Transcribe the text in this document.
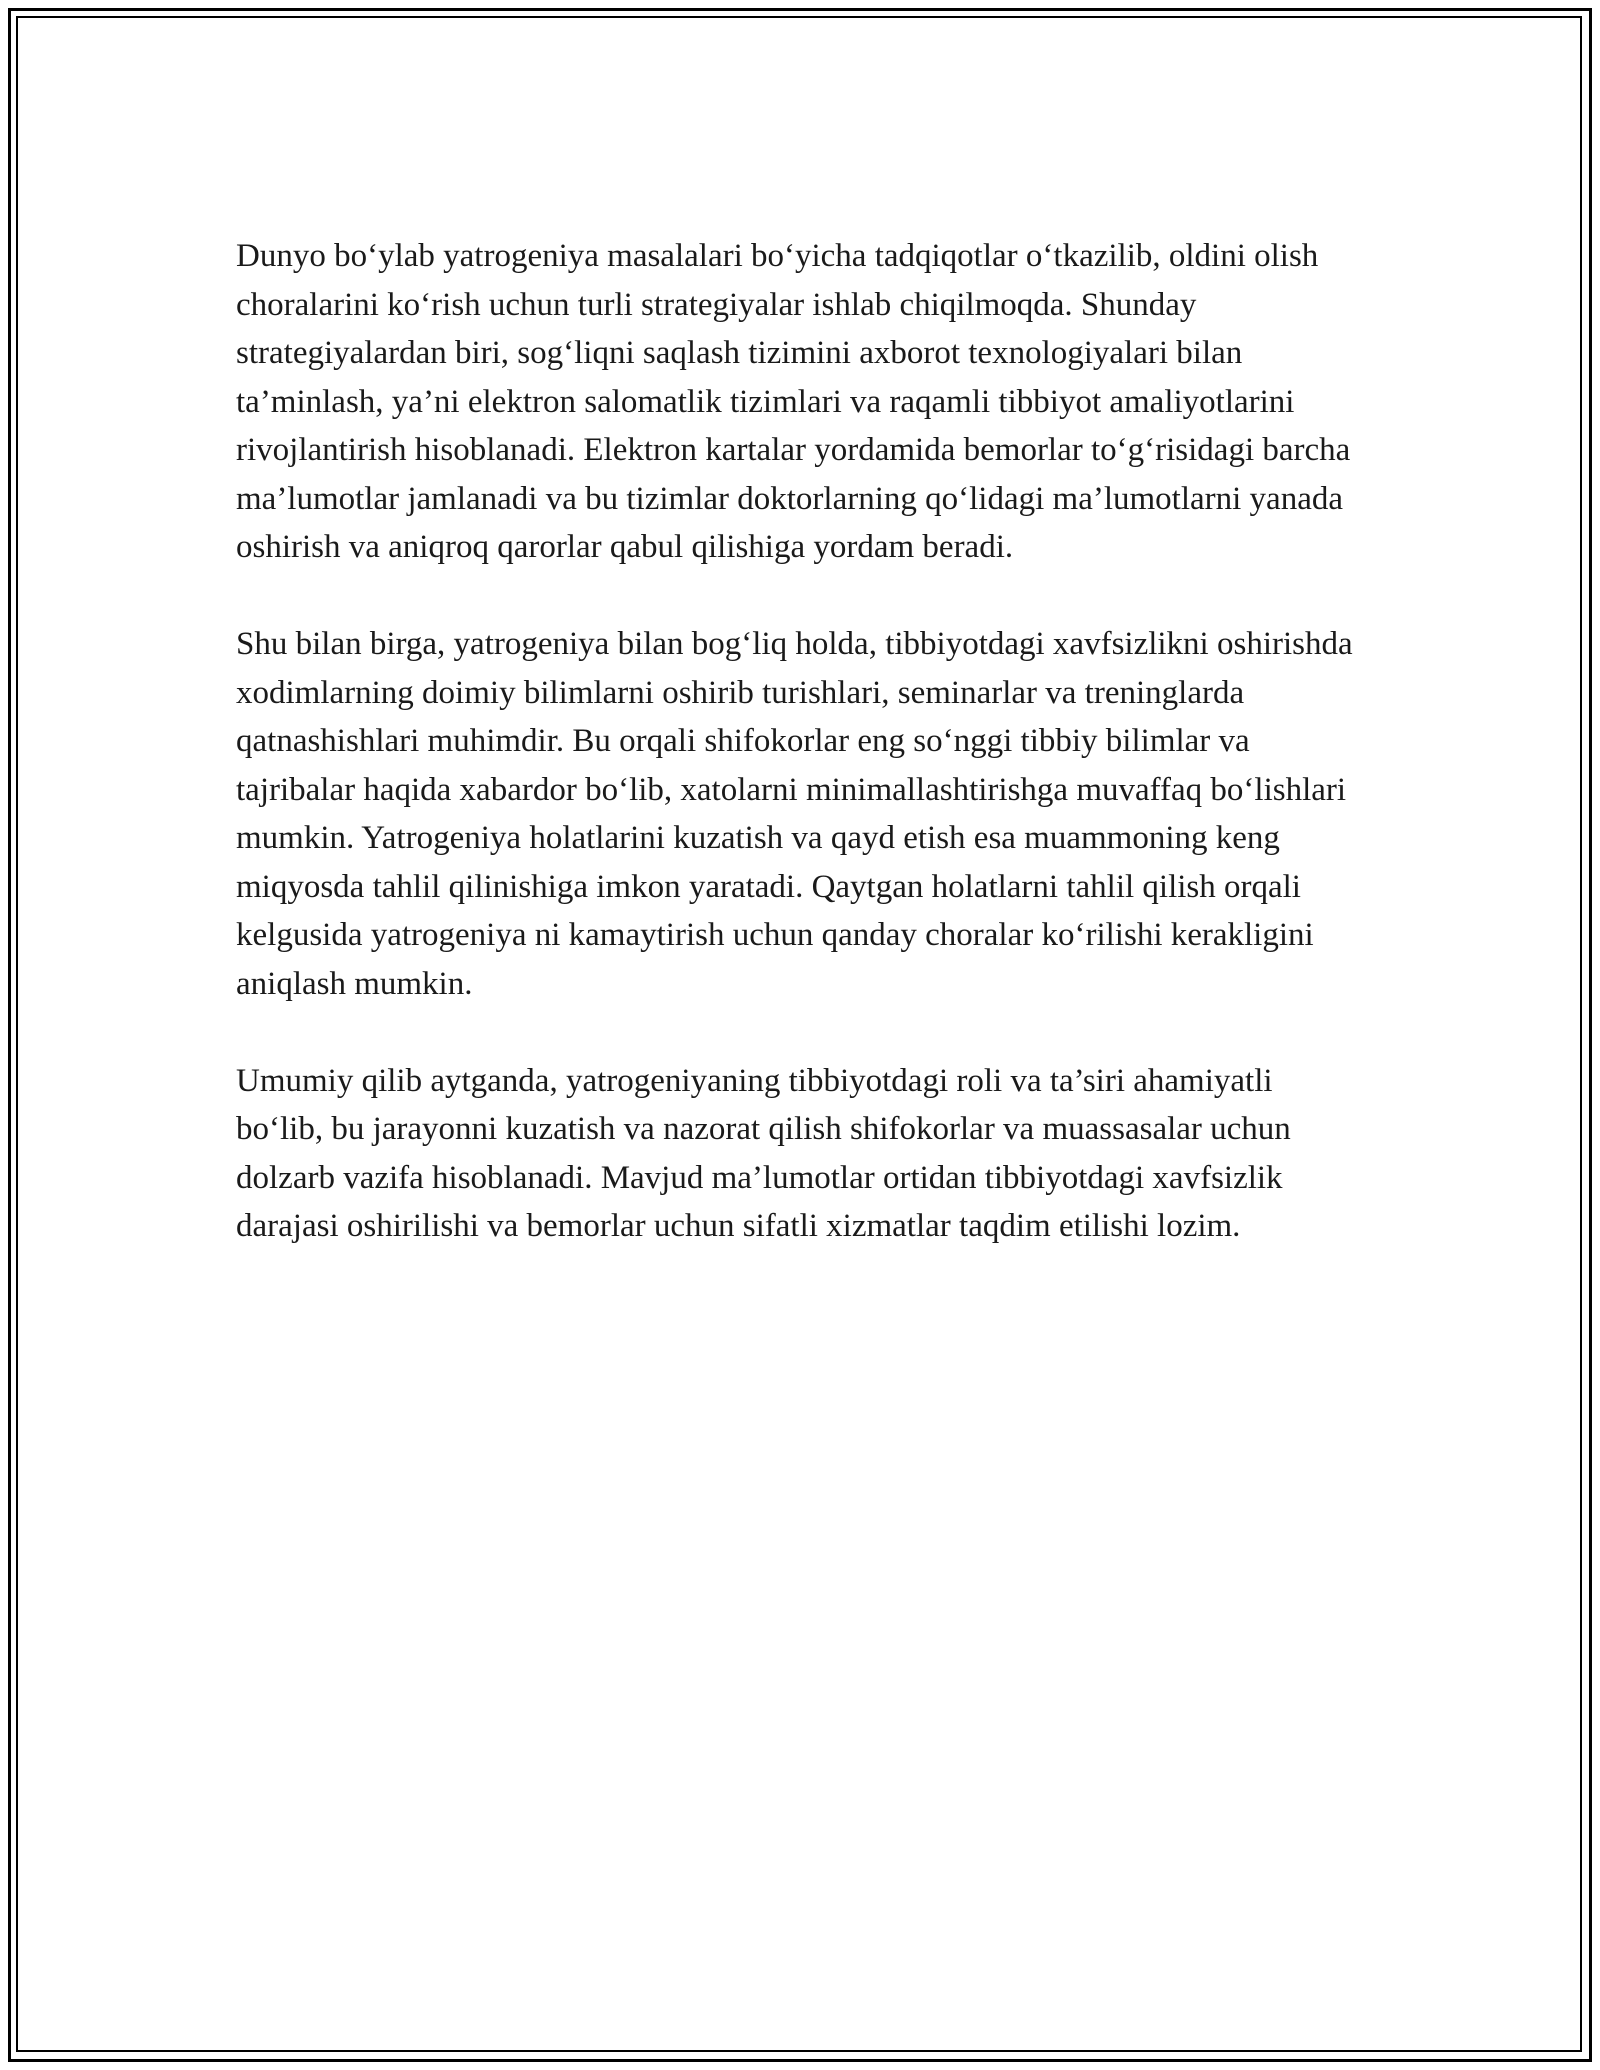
Dunyo bo‘ylab yatrogeniya masalalari bo‘yicha tadqiqotlar o‘tkazilib, oldini olish choralarini ko‘rish uchun turli strategiyalar ishlab chiqilmoqda. Shunday strategiyalardan biri, sog‘liqni saqlash tizimini axborot texnologiyalari bilan ta’minlash, ya’ni elektron salomatlik tizimlari va raqamli tibbiyot amaliyotlarini rivojlantirish hisoblanadi. Elektron kartalar yordamida bemorlar to‘g‘risidagi barcha ma’lumotlar jamlanadi va bu tizimlar doktorlarning qo‘lidagi ma’lumotlarni yanada oshirish va aniqroq qarorlar qabul qilishiga yordam beradi.

Shu bilan birga, yatrogeniya bilan bog‘liq holda, tibbiyotdagi xavfsizlikni oshirishda xodimlarning doimiy bilimlarni oshirib turishlari, seminarlar va treninglarda qatnashishlari muhimdir. Bu orqali shifokorlar eng so‘nggi tibbiy bilimlar va tajribalar haqida xabardor bo‘lib, xatolarni minimallashtirishga muvaffaq bo‘lishlari mumkin. Yatrogeniya holatlarini kuzatish va qayd etish esa muammoning keng miqyosda tahlil qilinishiga imkon yaratadi. Qaytgan holatlarni tahlil qilish orqali kelgusida yatrogeniya ni kamaytirish uchun qanday choralar ko‘rilishi kerakligini aniqlash mumkin.

Umumiy qilib aytganda, yatrogeniyaning tibbiyotdagi roli va ta’siri ahamiyatli bo‘lib, bu jarayonni kuzatish va nazorat qilish shifokorlar va muassasalar uchun dolzarb vazifa hisoblanadi. Mavjud ma’lumotlar ortidan tibbiyotdagi xavfsizlik darajasi oshirilishi va bemorlar uchun sifatli xizmatlar taqdim etilishi lozim.
